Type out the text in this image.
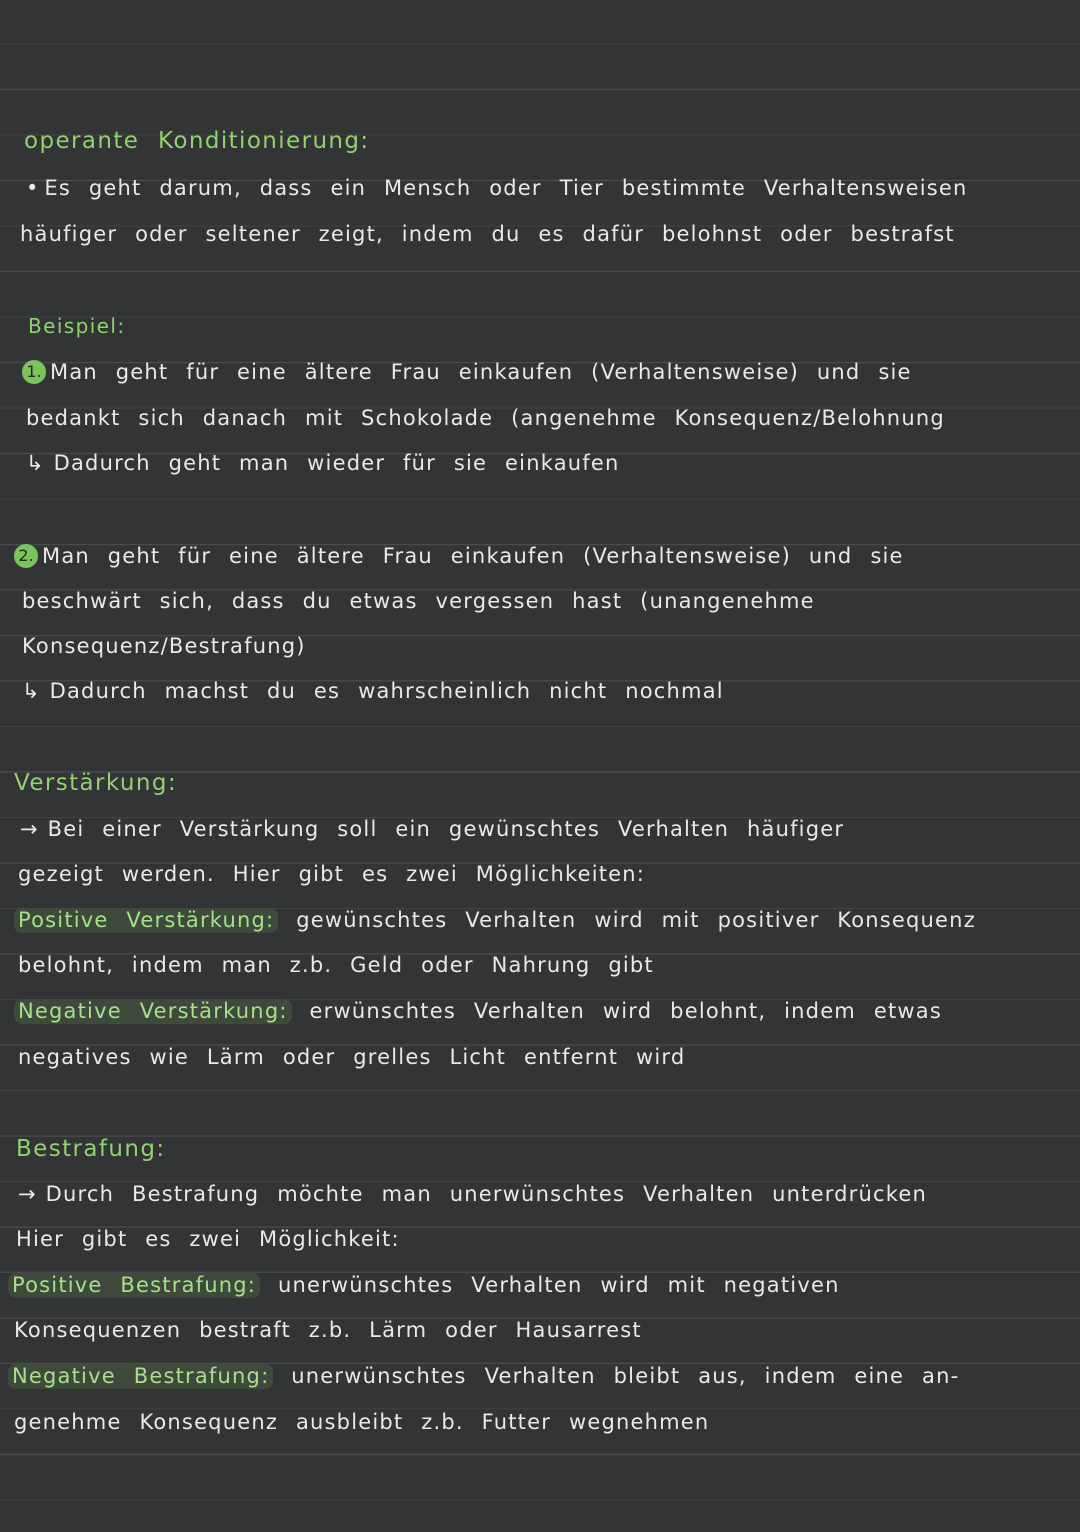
operante Konditionierung:
• Es geht darum, dass ein Mensch oder Tier bestimmte Verhaltensweisen
häufiger oder seltener zeigt, indem du es dafür belohnst oder bestrafst
Beispiel:
1. Man geht für eine ältere Frau einkaufen (Verhaltensweise) und sie
bedankt sich danach mit Schokolade (angenehme Konsequenz/Belohnung
↳ Dadurch geht man wieder für sie einkaufen
2. Man geht für eine ältere Frau einkaufen (Verhaltensweise) und sie
beschwärt sich, dass du etwas vergessen hast (unangenehme
Konsequenz/Bestrafung)
↳ Dadurch machst du es wahrscheinlich nicht nochmal
Verstärkung:
→ Bei einer Verstärkung soll ein gewünschtes Verhalten häufiger
gezeigt werden. Hier gibt es zwei Möglichkeiten:
Positive Verstärkung: gewünschtes Verhalten wird mit positiver Konsequenz
belohnt, indem man z.b. Geld oder Nahrung gibt
Negative Verstärkung: erwünschtes Verhalten wird belohnt, indem etwas
negatives wie Lärm oder grelles Licht entfernt wird
Bestrafung:
→ Durch Bestrafung möchte man unerwünschtes Verhalten unterdrücken
Hier gibt es zwei Möglichkeit:
Positive Bestrafung: unerwünschtes Verhalten wird mit negativen
Konsequenzen bestraft z.b. Lärm oder Hausarrest
Negative Bestrafung: unerwünschtes Verhalten bleibt aus, indem eine an-
genehme Konsequenz ausbleibt z.b. Futter wegnehmen
